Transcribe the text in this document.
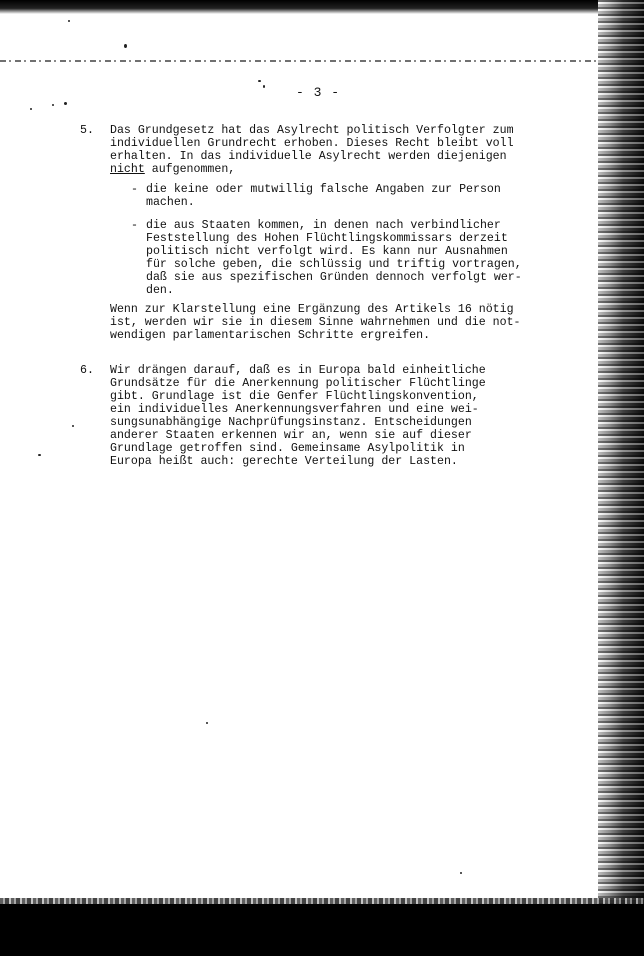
- 3 -
5. Das Grundgesetz hat das Asylrecht politisch Verfolgter zum
individuellen Grundrecht erhoben. Dieses Recht bleibt voll
erhalten. In das individuelle Asylrecht werden diejenigen
nicht aufgenommen,
- die keine oder mutwillig falsche Angaben zur Person
machen.
- die aus Staaten kommen, in denen nach verbindlicher
Feststellung des Hohen Flüchtlingskommissars derzeit
politisch nicht verfolgt wird. Es kann nur Ausnahmen
für solche geben, die schlüssig und triftig vortragen,
daß sie aus spezifischen Gründen dennoch verfolgt wer-
den.
Wenn zur Klarstellung eine Ergänzung des Artikels 16 nötig
ist, werden wir sie in diesem Sinne wahrnehmen und die not-
wendigen parlamentarischen Schritte ergreifen.
6. Wir drängen darauf, daß es in Europa bald einheitliche
Grundsätze für die Anerkennung politischer Flüchtlinge
gibt. Grundlage ist die Genfer Flüchtlingskonvention,
ein individuelles Anerkennungsverfahren und eine wei-
sungsunabhängige Nachprüfungsinstanz. Entscheidungen
anderer Staaten erkennen wir an, wenn sie auf dieser
Grundlage getroffen sind. Gemeinsame Asylpolitik in
Europa heißt auch: gerechte Verteilung der Lasten.
